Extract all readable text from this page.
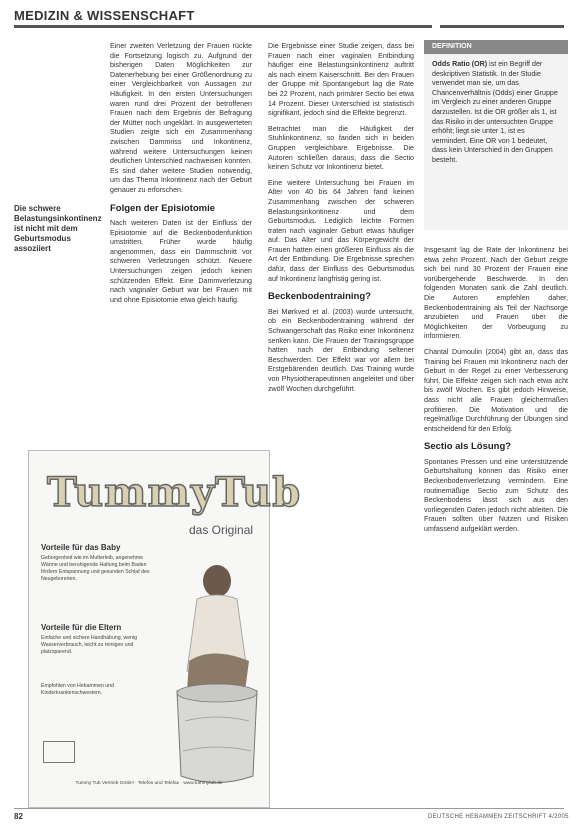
MEDIZIN & WISSENSCHAFT
Die schwere Belastungsinkontinenz ist nicht mit dem Geburtsmodus assoziiert

Einer zweiten Verletzung der Frauen rückte die Fortsetzung logisch zu. Aufgrund der bisherigen Daten Möglichkeiten zur Datenerhebung bei einer Größenordnung zu einer Vergleichbarkeit von Aussagen zur Häufigkeit. In den ersten Untersuchungen waren rund drei Prozent der betroffenen Frauen nach dem Ergebnis der Befragung der Mütter noch ungeklärt. In ausgewerteten Studien zeigte sich ein Zusammenhang zwischen Dammriss und Inkontinenz, während weitere Untersuchungen keinen deutlichen Unterschied nachweisen konnten. Es sind daher weitere Studien notwendig, um das Thema Inkontinenz nach der Geburt genauer zu erforschen.

Folgen der Episiotomie

Nach weiteren Daten ist der Einfluss der Episiotomie auf die Beckenbodenfunktion umstritten. Früher wurde häufig angenommen, dass ein Dammschnitt vor schweren Verletzungen schützt. Neuere Untersuchungen zeigen jedoch keinen schützenden Effekt. Eine Dammverletzung nach vaginaler Geburt war bei Frauen mit und ohne Episiotomie etwa gleich häufig.

Die Ergebnisse einer Studie zeigen, dass bei Frauen nach einer vaginalen Entbindung häufiger eine Belastungsinkontinenz auftritt als nach einem Kaiserschnitt. Bei den Frauen der Gruppe mit Spontangeburt lag die Rate bei 22 Prozent, nach primärer Sectio bei etwa 14 Prozent. Dieser Unterschied ist statistisch signifikant, jedoch sind die Effekte begrenzt.

Betrachtet man die Häufigkeit der Stuhlinkontinenz, so fanden sich in beiden Gruppen vergleichbare Ergebnisse. Die Autoren schließen daraus, dass die Sectio keinen Schutz vor Inkontinenz bietet.

Eine weitere Untersuchung bei Frauen im Alter von 40 bis 64 Jahren fand keinen Zusammenhang zwischen der schweren Belastungsinkontinenz und dem Geburtsmodus. Lediglich leichte Formen traten nach vaginaler Geburt etwas häufiger auf. Das Alter und das Körpergewicht der Frauen hatten einen größeren Einfluss als die Art der Entbindung. Die Ergebnisse sprechen dafür, dass der Einfluss des Geburtsmodus auf Inkontinenz langfristig gering ist.

Beckenbodentraining?

Bei Mørkved et al. (2003) wurde untersucht, ob ein Beckenbodentraining während der Schwangerschaft das Risiko einer Inkontinenz senken kann. Die Frauen der Trainingsgruppe hatten nach der Entbindung seltener Beschwerden. Der Effekt war vor allem bei Erstgebärenden deutlich. Das Training wurde von Physiotherapeutinnen angeleitet und über zwölf Wochen durchgeführt.

DEFINITION
Odds Ratio (OR) ist ein Begriff der deskriptiven Statistik. In der Studie verwendet man sie, um das Chancenverhältnis (Odds) einer Gruppe im Vergleich zu einer anderen Gruppe darzustellen. Ist die OR größer als 1, ist das Risiko in der untersuchten Gruppe erhöht; liegt sie unter 1, ist es vermindert. Eine OR von 1 bedeutet, dass kein Unterschied in den Gruppen besteht.

Insgesamt lag die Rate der Inkontinenz bei etwa zehn Prozent. Nach der Geburt zeigte sich bei rund 30 Prozent der Frauen eine vorübergehende Beschwerde. In den folgenden Monaten sank die Zahl deutlich. Die Autoren empfehlen daher, Beckenbodentraining als Teil der Nachsorge anzubieten und Frauen über die Möglichkeiten der Vorbeugung zu informieren.

Chantal Dumoulin (2004) gibt an, dass das Training bei Frauen mit Inkontinenz nach der Geburt in der Regel zu einer Verbesserung führt. Die Effekte zeigen sich nach etwa acht bis zwölf Wochen. Es gibt jedoch Hinweise, dass nicht alle Frauen gleichermaßen profitieren. Die Motivation und die regelmäßige Durchführung der Übungen sind entscheidend für den Erfolg.

Sectio als Lösung?

Spontanes Pressen und eine unterstützende Geburtshaltung können das Risiko einer Beckenbodenverletzung vermindern. Eine routinemäßige Sectio zum Schutz des Beckenbodens lässt sich aus den vorliegenden Daten jedoch nicht ableiten. Die Frauen sollten über Nutzen und Risiken umfassend aufgeklärt werden.

TummyTub
das Original
Vorteile für das Baby
Geborgenheit wie im Mutterleib, angenehme Wärme und beruhigende Haltung beim Baden fördern Entspannung und gesunden Schlaf des Neugeborenen.
Vorteile für die Eltern
Einfache und sichere Handhabung, wenig Wasserverbrauch, leicht zu reinigen und platzsparend.
Empfohlen von Hebammen und Kinderkrankenschwestern.
Tummy Tub Vertrieb GmbH · Telefon und Telefax · www.tummytub.de
82	DEUTSCHE HEBAMMEN ZEITSCHRIFT 4/2005
